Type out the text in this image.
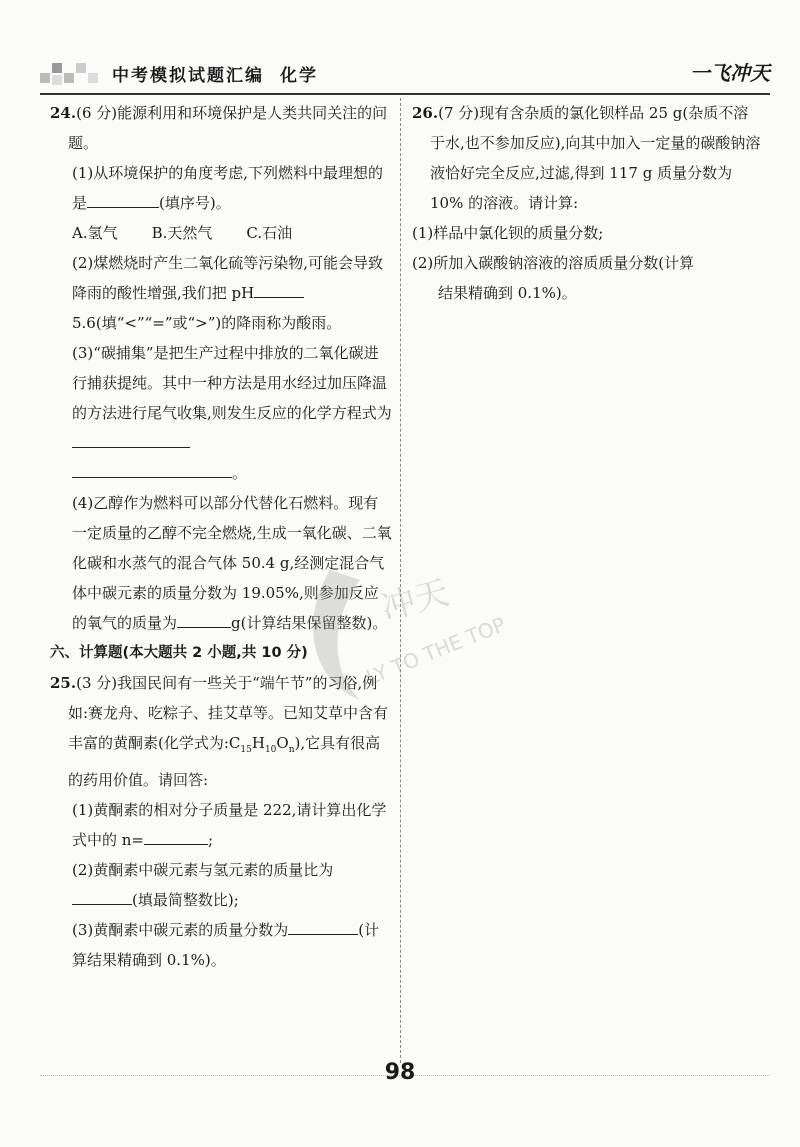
中考模拟试题汇编 化学	一飞冲天

24.(6 分)能源利用和环境保护是人类共同关注的问题。

(1)从环境保护的角度考虑,下列燃料中最理想的是	(填序号)。

A.氢气 B.天然气 C.石油

(2)煤燃烧时产生二氧化硫等污染物,可能会导致降雨的酸性增强,我们把 pH5.6(填“<”“=”或“>”)的降雨称为酸雨。

(3)“碳捕集”是把生产过程中排放的二氧化碳进行捕获提纯。其中一种方法是用水经过加压降温的方法进行尾气收集,则发生反应的化学方程式为
。

(4)乙醇作为燃料可以部分代替化石燃料。现有一定质量的乙醇不完全燃烧,生成一氧化碳、二氧化碳和水蒸气的混合气体 50.4 g,经测定混合气体中碳元素的质量分数为 19.05%,则参加反应的氧气的质量为	g(计算结果保留整数)。

六、计算题(本大题共 2 小题,共 10 分)

25.(3 分)我国民间有一些关于“端午节”的习俗,例如:赛龙舟、吃粽子、挂艾草等。已知艾草中含有丰富的黄酮素(化学式为$:C_{15}H_{10}O_n$),它具有很高的药用价值。请回答:

(1)黄酮素的相对分子质量是 222,请计算出化学式中的 n=	;

(2)黄酮素中碳元素与氢元素的质量比为(填最简整数比);

(3)黄酮素中碳元素的质量分数为	(计算结果精确到 0.1%)。

26.(7 分)现有含杂质的氯化钡样品 25 g(杂质不溶于水,也不参加反应),向其中加入一定量的碳酸钠溶液恰好完全反应,过滤,得到 117 g 质量分数为 10% 的溶液。请计算:

(1)样品中氯化钡的质量分数;

(2)所加入碳酸钠溶液的溶质质量分数(计算
结果精确到 0.1%)。

冲天
LY TO THE TOP
98
